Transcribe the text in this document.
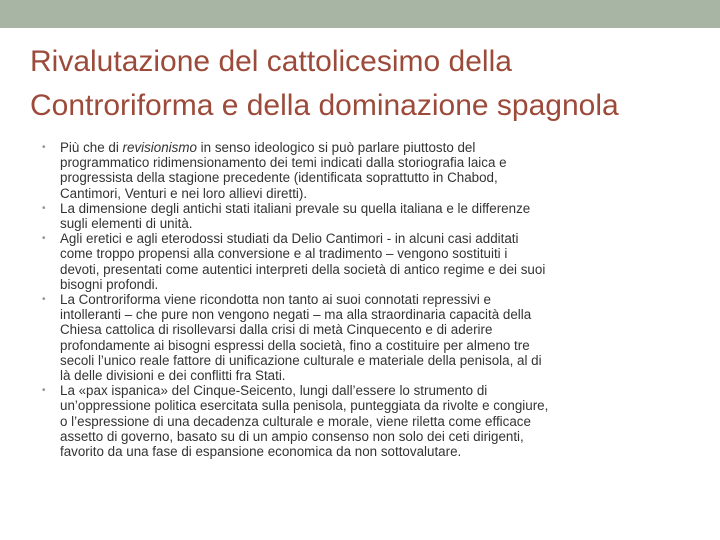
Rivalutazione del cattolicesimo della
Controriforma e della dominazione spagnola
• Più che di revisionismo in senso ideologico si può parlare piuttosto del
programmatico ridimensionamento dei temi indicati dalla storiografia laica e
progressista della stagione precedente (identificata soprattutto in Chabod,
Cantimori, Venturi e nei loro allievi diretti).
• La dimensione degli antichi stati italiani prevale su quella italiana e le differenze
sugli elementi di unità.
• Agli eretici e agli eterodossi studiati da Delio Cantimori - in alcuni casi additati
come troppo propensi alla conversione e al tradimento – vengono sostituiti i
devoti, presentati come autentici interpreti della società di antico regime e dei suoi
bisogni profondi.
• La Controriforma viene ricondotta non tanto ai suoi connotati repressivi e
intolleranti – che pure non vengono negati – ma alla straordinaria capacità della
Chiesa cattolica di risollevarsi dalla crisi di metà Cinquecento e di aderire
profondamente ai bisogni espressi della società, fino a costituire per almeno tre
secoli l’unico reale fattore di unificazione culturale e materiale della penisola, al di
là delle divisioni e dei conflitti fra Stati.
• La «pax ispanica» del Cinque-Seicento, lungi dall’essere lo strumento di
un’oppressione politica esercitata sulla penisola, punteggiata da rivolte e congiure,
o l’espressione di una decadenza culturale e morale, viene riletta come efficace
assetto di governo, basato su di un ampio consenso non solo dei ceti dirigenti,
favorito da una fase di espansione economica da non sottovalutare.
